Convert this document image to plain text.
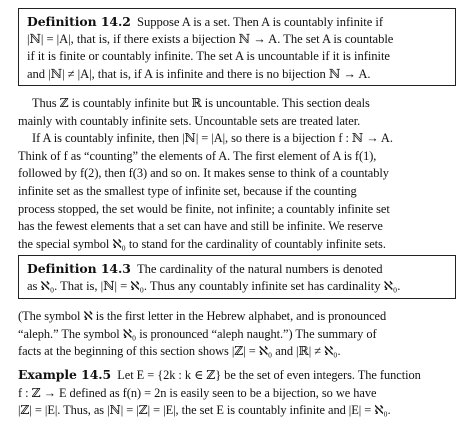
Definition 14.2 Suppose A is a set. Then A is countably infinite if
|ℕ| = |A|, that is, if there exists a bijection ℕ → A. The set A is countable
if it is finite or countably infinite. The set A is uncountable if it is infinite
and |ℕ| ≠ |A|, that is, if A is infinite and there is no bijection ℕ → A.
Thus ℤ is countably infinite but ℝ is uncountable. This section deals
mainly with countably infinite sets. Uncountable sets are treated later.
If A is countably infinite, then |ℕ| = |A|, so there is a bijection f : ℕ → A.
Think of f as “counting” the elements of A. The first element of A is f(1),
followed by f(2), then f(3) and so on. It makes sense to think of a countably
infinite set as the smallest type of infinite set, because if the counting
process stopped, the set would be finite, not infinite; a countably infinite set
has the fewest elements that a set can have and still be infinite. We reserve
the special symbol ℵ₀ to stand for the cardinality of countably infinite sets.
Definition 14.3 The cardinality of the natural numbers is denoted
as ℵ₀. That is, |ℕ| = ℵ₀. Thus any countably infinite set has cardinality ℵ₀.
(The symbol ℵ is the first letter in the Hebrew alphabet, and is pronounced
“aleph.” The symbol ℵ₀ is pronounced “aleph naught.”) The summary of
facts at the beginning of this section shows |ℤ| = ℵ₀ and |ℝ| ≠ ℵ₀.
Example 14.5 Let E = {2k : k ∈ ℤ} be the set of even integers. The function
f : ℤ → E defined as f(n) = 2n is easily seen to be a bijection, so we have
|ℤ| = |E|. Thus, as |ℕ| = |ℤ| = |E|, the set E is countably infinite and |E| = ℵ₀.
